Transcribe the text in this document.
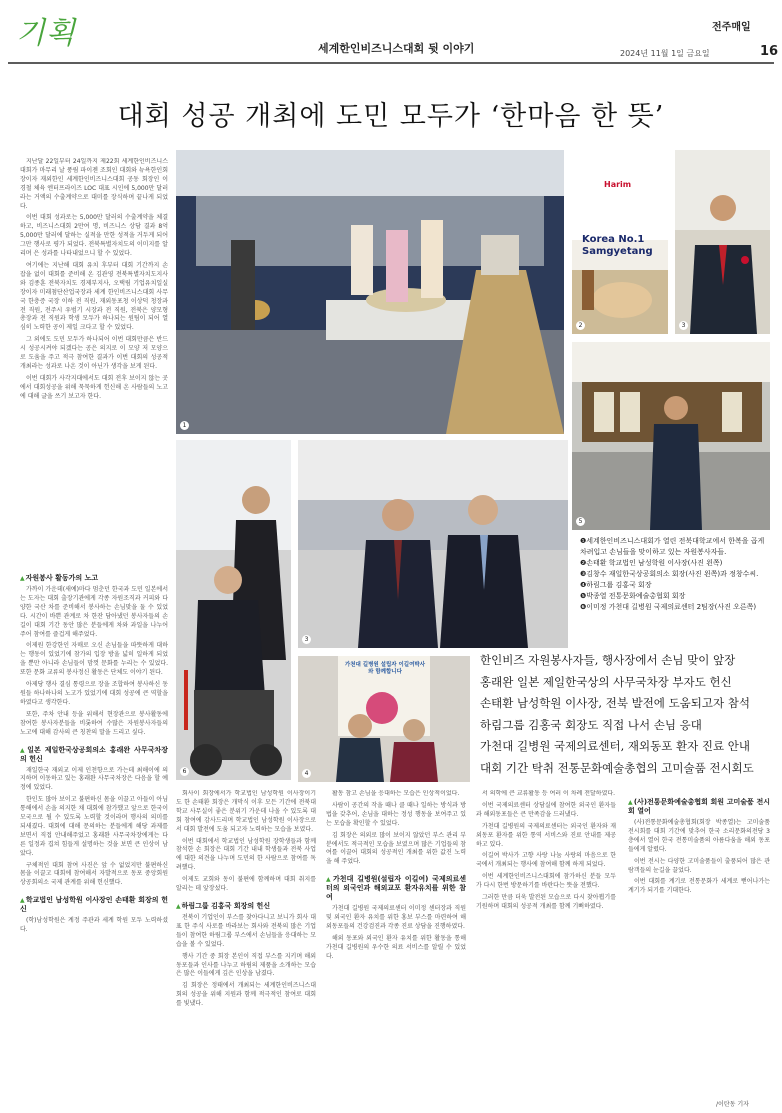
기획	세계한인비즈니스대회 뒷 이야기
전주매일
2024년 11월 1일 금요일	16
대회 성공 개최에 도민 모두가 ‘한마음 한 뜻’

지난달 22일부터 24일까지 제22회 세계한인비즈니스대회가 마무리 날 풍림 파이젠 조회인 대회와 뉴욕한인회장이자 재외한인 세계한인비즈니스대회 공동 회장인 이경철 체육 엔터프라이즈 LOC 대표 시인에 5,000만 달러라는 거액의 수출계약으로 대미를 장식하며 끝나게 되었다.

이번 대회 성과로는 5,000만 달러의 수출계약을 체결하고, 비즈니스대회 2만여 명, 비즈니스 상담 결과 8억5,000만 달러에 달하는 실적을 만한 성적을 거두게 되어 그만 행사로 평가 되었다. 전북특별자치도의 이미지를 알리며 은 성과를 나타내었으니 할 수 있었다.

여기에는 지난해 대회 유치 후부터 대회 기간까지 손 잡을 없이 대회를 준비해 온 김관영 전북특별자치도지사와 김종훈 전북자치도 경제부지사, 오택림 기업유치일실장이자 미래첨단산업국장과 세계 한인비즈니스대회 사무국 한충증 국장 이하 전 직원, 재외동포청 이상덕 청장과 전 직원, 전주시 우범기 시장과 전 직원, 전북은 양모형 총장과 전 직원과 학생 모두가 하나되는 원팀이 되어 열심히 노력한 공이 제일 크다고 할 수 있었다.

그 외에도 도민 모두가 하나되어 이번 대회만큼은 반드시 성공시켜야 되겠다는 공은 의지로 이 모양 저 모양으로 도움을 주고 적극 참여한 결과가 이번 대회의 성공적 개최라는 성과로 나온 것이 아닌가 생각을 보게 된다.

이번 대회가 사각지대에서도 대회 전후 보이지 않는 곳에서 대회성공을 위해 묵묵하게 헌신해 온 사람들의 노고에 대해 글을 쓰기 보고자 한다.

▲ 자원봉사 활동가의 노고

가까이 가운데(새예)마다 멈춘던 한국과 도민 일본에서는 도자는 대회 출장기관에게 각종 자원조직과 커피와 다양한 국산 차를 준비해서 봉사하는 손님맞을 둘 수 있었다. 시간이 바쁜 관계로 차 한잔 담아냈던 봉사자들의 손길이 대회 기간 동안 많은 분들에게 차와 과일을 나누어주어 참여를 즐겁게 해주었다.

이제원 한강한인 자매로 오신 손님들을 따뜻하게 대하는 행동이 있었기에 참가의 입장 방울 넓히 일하게 되었을 뿐만 아니라 손님들이 맘껏 문화를 누리는 수 있었다. 또한 문화 교류의 봉사정신 활동은 단체도 이야기 된다.

아제당 행사 결심 통령으로 장을 조합하여 봉사하신 동원들 하나하나의 노고가 있었기에 대회 성공에 큰 역할을 하였다고 생각한다.

또한, 주차 안내 등을 위해서 현장관으로 봉사활동에 참여한 봉사자분들을 비롯하여 수많은 자원봉사자들의 노고에 대해 감사의 큰 칭찬의 말을 드리고 싶다.

▲ 일본 제일한국상공회의소 홍래완 사무국차장의 헌신

재일한국 재외교 이제 인천항으로 가는데 최해이에 의지하며 이동하고 있는 홍래완 사무국차장은 다음을 할 예정에 있었다.

한인도 많아 보이고 불편하신 몸을 이끌고 아들이 아님 통해에서 손을 의지한 채 대회에 참가했고 앞으로 한국이 모국으로 될 수 있도록 노력할 것이라며 행사의 의미를 되새겼다. 대회에 대해 문의하는 분들에게 해당 과제를 보면서 직접 안내해주었고 홍래완 사무국차장에게는 다른 일정과 겹쳐 힘들게 설명하는 것을 보면 큰 인상이 남았다.

구체적인 대회 참여 사진은 앞 수 없었지만 불편하신 몸을 이끌고 대회에 참여해서 자발적으로 동포 중앙회원 상공회의소 국제 관계를 위해 헌신했다.

▲ 학교법인 남성학원 이사장인 손태환 회장의 헌신

(학)남성학원은 계정 주관과 세계 학원 모두 노력하셨다.

1
Harim
Korea No.1
Samgyetang
2	3
5
6
3
가천대 길병원 설립자 이길여박사와 함께합니다
4
❶세계한인비즈니스대회가 열린 전북대학교에서 한복을 곱게 차려입고 손님들을 맞이하고 있는 자원봉사자들.
❷손태환 학교법인 남성학원 이사장(사진 왼쪽)
❸김창수 재일한국상공회의소 회장(사진 왼쪽)과 정창수씨.
❹하림그룹 김홍국 회장
❺박종열 전통문화예술총협회 회장
❻이미정 가천대 길병원 국제의료센터 2팀장(사진 오른쪽)
한인비즈 자원봉사자들, 행사장에서 손님 맞이 앞장
홍래완 일본 제일한국상의 사무국차장 부자도 헌신
손태환 남성학원 이사장, 전북 발전에 도움되고자 참석
하림그룹 김홍국 회장도 직접 나서 손님 응대
가천대 길병원 국제의료센터, 재외동포 환자 진료 안내
대회 기간 탁취 전통문화예술총협의 고미술품 전시회도

회사이 회장에서가 학교법인 남성학원 이사장이기도 한 손태환 회장은 개막식 이후 모든 기간에 전북대학교 사무실이 좋은 분위기 가운데 나올 수 있도록 대회 참여에 감사드리며 학교법인 남성학원 이사장으로서 대회 발전에 도움 되고자 노력하는 모습을 보였다.

이번 대회에서 학교법인 남성학원 장학생들과 함께 참석한 손 회장은 대회 기간 내내 학생들과 전북 사업에 대한 의견을 나누며 도민의 한 사람으로 참여를 독려했다.

이제도 교회와 동이 불편에 함께하며 대회 취지를 알리는 데 앞장섰다.

▲ 하림그룹 김홍국 회장의 헌신

전북이 기업인이 부스를 찾아다니고 보니가 회사 대표 한 주식 사로를 바라보는 회사와 전북의 많은 기업들이 참여한 하림그룹 부스에서 손님들을 응대하는 모습을 볼 수 있었다.

행사 기간 중 회장 본인이 직접 부스를 지키며 해외 동포들과 인사를 나누고 하림의 제품을 소개하는 모습은 많은 이들에게 깊은 인상을 남겼다.

김 회장은 정태에서 개최되는 세계한인비즈니스대회의 성공을 위해 지원과 함께 적극적인 참여로 대회를 빛냈다.

활동 참고 손님을 응대하는 모습은 인상적이었다.

사람이 공간의 작을 때나 클 때나 일하는 방식과 방법을 갖추어, 손님을 대하는 정성 행동을 보여주고 있는 모습을 확인할 수 있었다.

김 회장은 의외로 많이 보이지 않았던 부스 관리 부분에서도 적극적인 모습을 보였으며 많은 기업들의 참여를 이끌어 대회의 성공적인 개최를 위한 값진 노력을 해 주었다.

▲ 가천대 길병원(설립자 이길여) 국제의료센터의 외국인과 해외교포 환자유치를 위한 참여

가천대 길병원 국제의료센터 이미정 센터장과 직원 및 외국인 환자 유치를 위한 홍보 부스를 마련하여 해외동포들의 건강검진과 각종 진료 상담을 진행하였다.

해외 동포와 외국인 환자 유치를 위한 활동을 통해 가천대 길병원의 우수한 의료 서비스를 알릴 수 있었다.

서 의학에 큰 교류활동 등 여러 이 차례 전달하였다.

이번 국제의료센터 상담실에 참여한 외국인 환자들과 해외동포들은 큰 만족감을 드러냈다.

가천대 길병원의 국제의료센터는 외국인 환자와 재외동포 환자를 위한 통역 서비스와 진료 안내를 제공하고 있다.

이길여 박사가 고향 사랑 나눔 사랑의 마음으로 한국에서 개최되는 행사에 참여해 함께 하게 되었다.

이번 세계한인비즈니스대회에 참가하신 분들 모두가 다시 한번 방문하기를 바란다는 뜻을 전했다.

그러한 만큼 더욱 발전된 모습으로 다시 찾아뵙기를 기원하며 대회의 성공적 개최를 함께 기뻐하였다.

▲ (사)전통문화예술총협회 회원 고미술품 전시회 열어

(사)전통문화예술총협회(회장 박종열)는 고미술품 전시회를 대회 기간에 맞추어 한국 소리문화의전당 3층에서 열어 한국 전통미술품의 아름다움을 해외 동포들에게 알렸다.

이번 전시는 다양한 고미술품들이 출품되어 많은 관람객들의 눈길을 끌었다.

이번 대회를 계기로 전통문화가 세계로 뻗어나가는 계기가 되기를 기대한다.

/이탄동 기자
